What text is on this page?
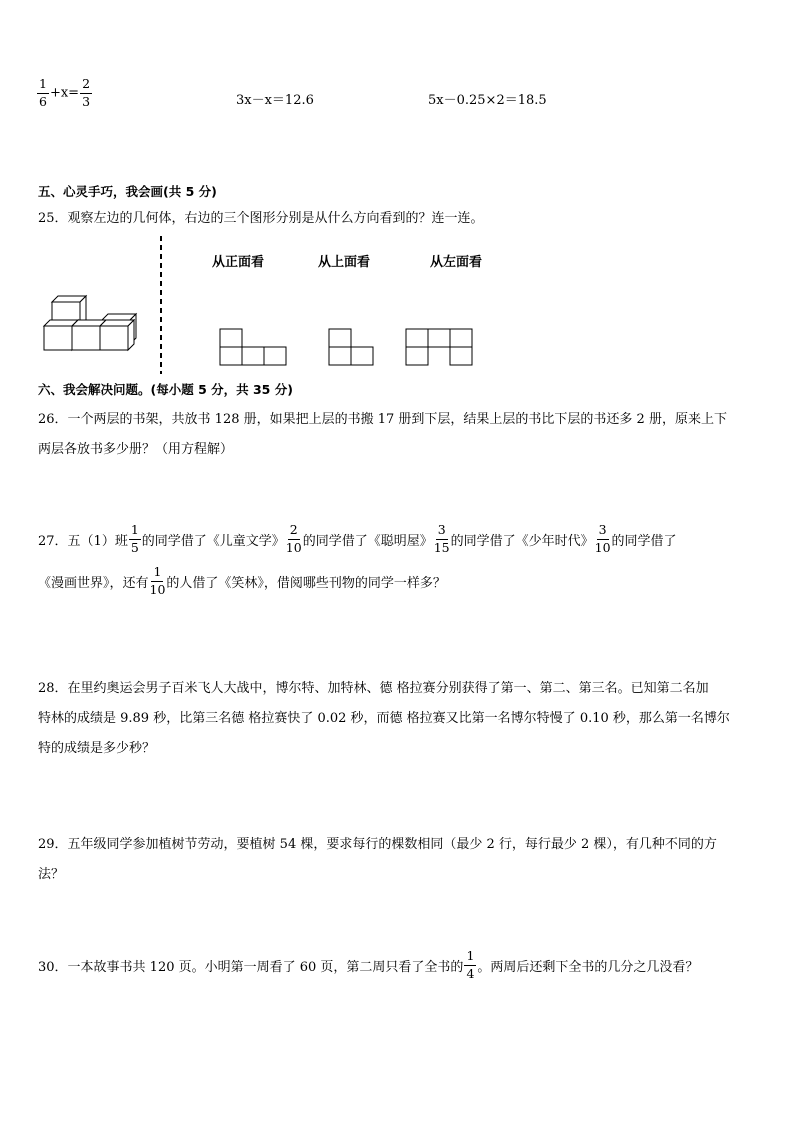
$\frac{1}{6} +x= \frac{2}{3}$	3x－x＝12.6	5x－0.25×2＝18.5
五、心灵手巧，我会画(共 5 分)
25．观察左边的几何体，右边的三个图形分别是从什么方向看到的？连一连。
从正面看	从上面看	从左面看
六、我会解决问题。(每小题 5 分，共 35 分)
26．一个两层的书架，共放书 128 册，如果把上层的书搬 17 册到下层，结果上层的书比下层的书还多 2 册，原来上下
两层各放书多少册？（用方程解）
27．五（1）班 $\frac{1}{5}$ 的同学借了《儿童文学》 $\frac{2}{10}$ 的同学借了《聪明屋》 $\frac{3}{15}$ 的同学借了《少年时代》 $\frac{3}{10}$ 的同学借了
《漫画世界》，还有 $\frac{1}{10}$ 的人借了《笑林》，借阅哪些刊物的同学一样多？
28．在里约奥运会男子百米飞人大战中，博尔特、加特林、德 格拉赛分别获得了第一、第二、第三名。已知第二名加
特林的成绩是 9.89 秒，比第三名德 格拉赛快了 0.02 秒，而德 格拉赛又比第一名博尔特慢了 0.10 秒，那么第一名博尔
特的成绩是多少秒？
29．五年级同学参加植树节劳动，要植树 54 棵，要求每行的棵数相同（最少 2 行，每行最少 2 棵），有几种不同的方
法？
30．一本故事书共 120 页。小明第一周看了 60 页，第二周只看了全书的 $\frac{1}{4}$ 。两周后还剩下全书的几分之几没看？
